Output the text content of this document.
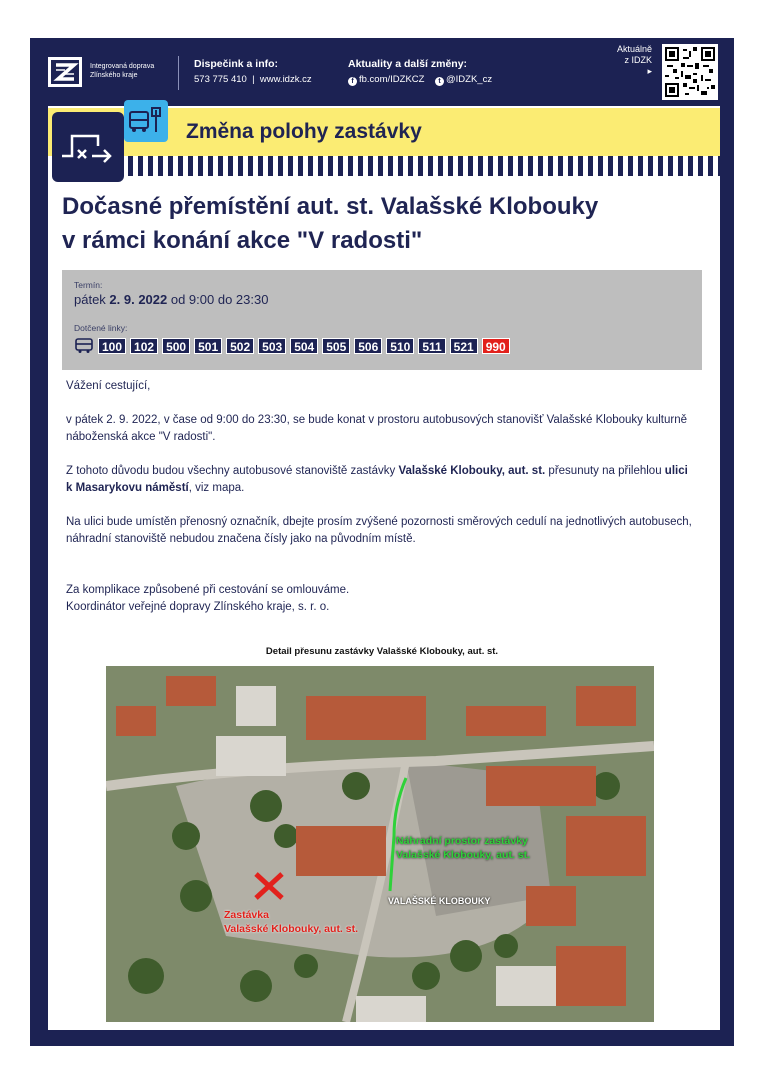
Integrovaná doprava
Zlínského kraje
Dispečink a info:
573 775 410  |  www.idzk.cz
Aktuality a další změny:
f fb.com/IDZKCZ t @IDZK_cz
Aktuálně
z IDZK
▸
Změna polohy zastávky
Dočasné přemístění aut. st. Valašské Klobouky
v rámci konání akce "V radosti"
Termín:
pátek 2. 9. 2022 od 9:00 do 23:30
Dotčené linky:
100	102	500	501	502	503	504	505	506	510	511	521	990

Vážení cestující,

v pátek 2. 9. 2022, v čase od 9:00 do 23:30, se bude konat v prostoru autobusových stanovišť Valašské Klobouky kulturně náboženská akce "V radosti".

Z tohoto důvodu budou všechny autobusové stanoviště zastávky Valašské Klobouky, aut. st. přesunuty na přilehlou ulici k Masarykovu náměstí, viz mapa.

Na ulici bude umístěn přenosný označník, dbejte prosím zvýšené pozornosti směrových cedulí na jednotlivých autobusech, náhradní stanoviště nebudou značena čísly jako na původním místě.

Za komplikace způsobené při cestování se omlouváme.

Koordinátor veřejné dopravy Zlínského kraje, s. r. o.

Detail přesunu zastávky Valašské Klobouky, aut. st.
Náhradní prostor zastávky
Valašské Klobouky, aut. st.
Zastávka
Valašské Klobouky, aut. st.
VALAŠSKÉ KLOBOUKY
